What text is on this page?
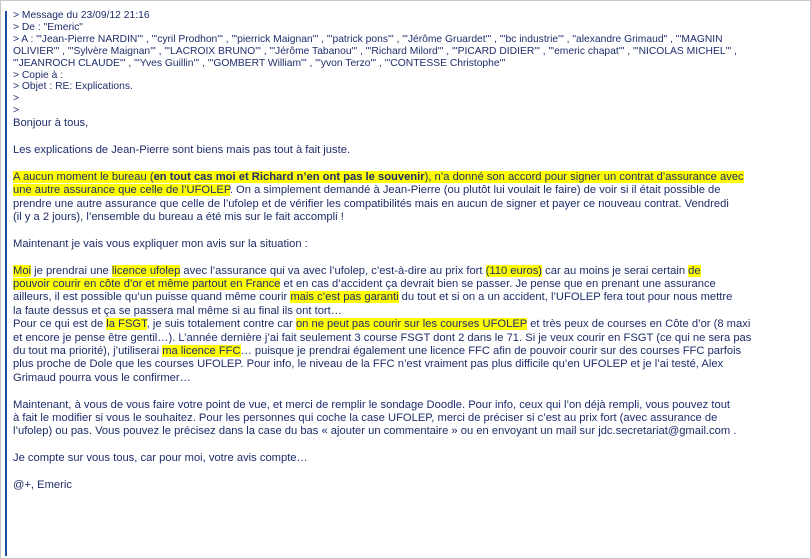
> Message du 23/09/12 21:16

> De : "Emeric"

> A : "'Jean-Pierre NARDIN'" , "'cyril Prodhon'" , "'pierrick Maignan'" , "'patrick pons'" , "'Jérôme Gruardet'" , "'bc industrie'" , "alexandre Grimaud" , "'MAGNIN

OLIVIER'" , "'Sylvère Maignan'" , "'LACROIX BRUNO'" , "'Jérôme Tabanou'" , "'Richard Milord'" , "'PICARD DIDIER'" , "'emeric chapat'" , "'NICOLAS MICHEL'" ,

"'JEANROCH CLAUDE'" , "'Yves Guillin'" , "'GOMBERT William'" , "'yvon Terzo'" , "'CONTESSE Christophe'"

> Copie à :

> Objet : RE: Explications.

>

>

Bonjour à tous,

Les explications de Jean-Pierre sont biens mais pas tout à fait juste.

A aucun moment le bureau (en tout cas moi et Richard n’en ont pas le souvenir), n’a donné son accord pour signer un contrat d’assurance avec

une autre assurance que celle de l’UFOLEP. On a simplement demandé à Jean-Pierre (ou plutôt lui voulait le faire) de voir si il était possible de

prendre une autre assurance que celle de l’ufolep et de vérifier les compatibilités mais en aucun de signer et payer ce nouveau contrat. Vendredi

(il y a 2 jours), l’ensemble du bureau a été mis sur le fait accompli !

Maintenant je vais vous expliquer mon avis sur la situation :

Moi je prendrai une licence ufolep avec l’assurance qui va avec l’ufolep, c’est-à-dire au prix fort (110 euros) car au moins je serai certain de

pouvoir courir en côte d’or et même partout en France et en cas d’accident ça devrait bien se passer. Je pense que en prenant une assurance

ailleurs, il est possible qu’un puisse quand même courir mais c’est pas garanti du tout et si on a un accident, l’UFOLEP fera tout pour nous mettre

la faute dessus et ça se passera mal même si au final ils ont tort…

Pour ce qui est de la FSGT, je suis totalement contre car on ne peut pas courir sur les courses UFOLEP et très peux de courses en Côte d’or (8 maxi

et encore je pense être gentil…). L’année dernière j’ai fait seulement 3 course FSGT dont 2 dans le 71. Si je veux courir en FSGT (ce qui ne sera pas

du tout ma priorité), j’utiliserai ma licence FFC… puisque je prendrai également une licence FFC afin de pouvoir courir sur des courses FFC parfois

plus proche de Dole que les courses UFOLEP. Pour info, le niveau de la FFC n’est vraiment pas plus difficile qu’en UFOLEP et je l’ai testé, Alex

Grimaud pourra vous le confirmer…

Maintenant, à vous de vous faire votre point de vue, et merci de remplir le sondage Doodle. Pour info, ceux qui l’on déjà rempli, vous pouvez tout

à fait le modifier si vous le souhaitez. Pour les personnes qui coche la case UFOLEP, merci de préciser si c’est au prix fort (avec assurance de

l’ufolep) ou pas. Vous pouvez le précisez dans la case du bas « ajouter un commentaire » ou en envoyant un mail sur jdc.secretariat@gmail.com .

Je compte sur vous tous, car pour moi, votre avis compte…

@+, Emeric
